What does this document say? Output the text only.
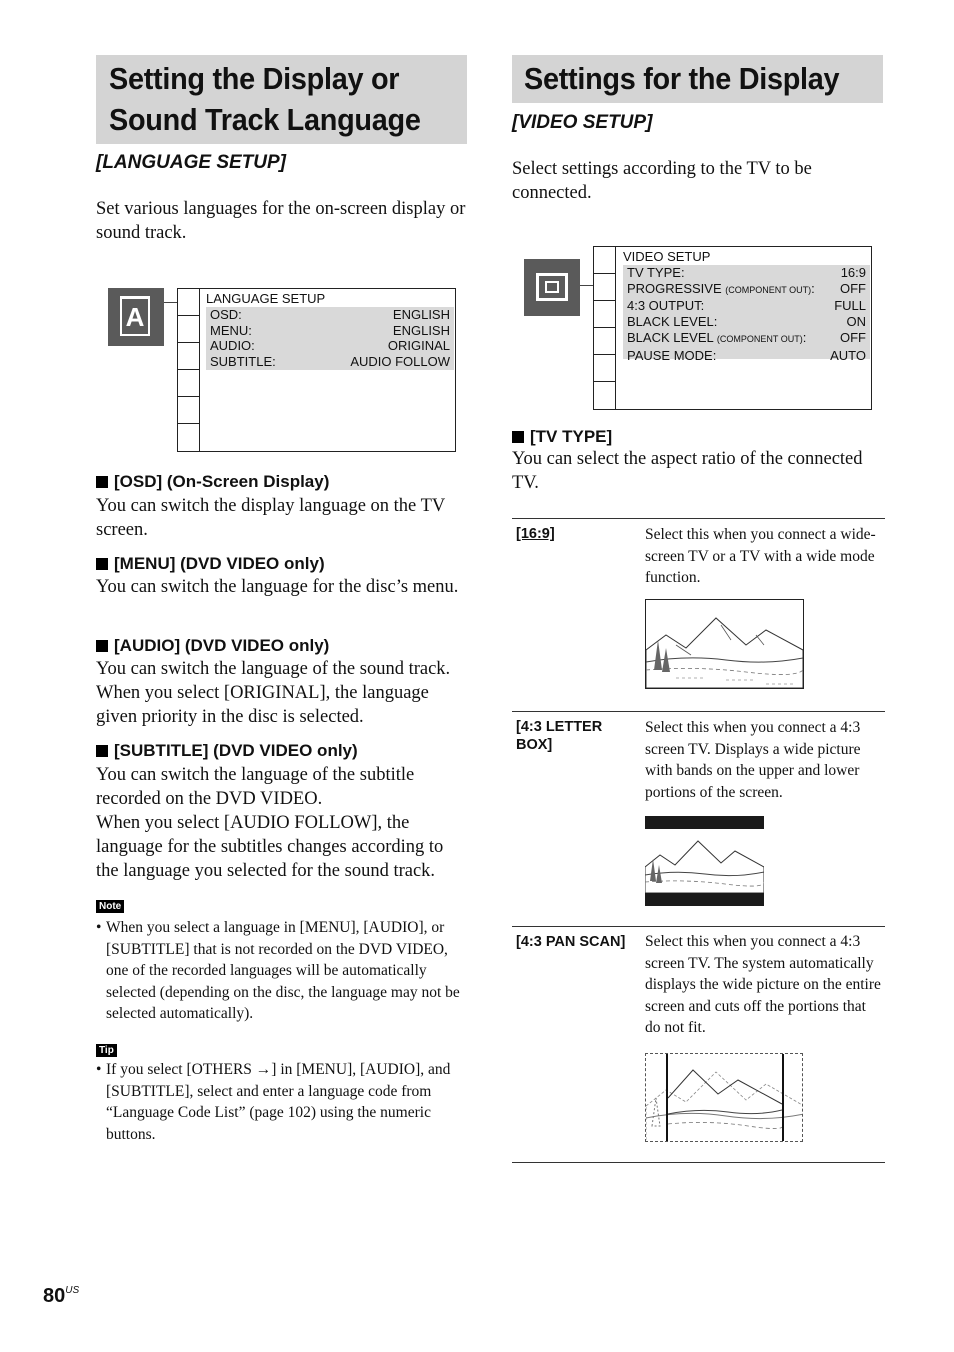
Setting the Display or
Sound Track Language
[LANGUAGE SETUP]
Set various languages for the on-screen display or sound track.
A
LANGUAGE SETUP
OSD:	ENGLISH
MENU:	ENGLISH
AUDIO:	ORIGINAL
SUBTITLE:	AUDIO FOLLOW
[OSD] (On-Screen Display)
You can switch the display language on the TV screen.
[MENU] (DVD VIDEO only)
You can switch the language for the disc’s menu.
[AUDIO] (DVD VIDEO only)
You can switch the language of the sound track. When you select [ORIGINAL], the language given priority in the disc is selected.
[SUBTITLE] (DVD VIDEO only)
You can switch the language of the subtitle recorded on the DVD VIDEO.
When you select [AUDIO FOLLOW], the language for the subtitles changes according to the language you selected for the sound track.
Note
• When you select a language in [MENU], [AUDIO], or [SUBTITLE] that is not recorded on the DVD VIDEO, one of the recorded languages will be automatically selected (depending on the disc, the language may not be selected automatically).
Tip
• If you select [OTHERS →] in [MENU], [AUDIO], and [SUBTITLE], select and enter a language code from “Language Code List” (page 102) using the numeric buttons.
Settings for the Display
[VIDEO SETUP]
Select settings according to the TV to be connected.
VIDEO SETUP
TV TYPE:	16:9
PROGRESSIVE (COMPONENT OUT): OFF
4:3 OUTPUT:	FULL
BLACK LEVEL:	ON
BLACK LEVEL (COMPONENT OUT):	OFF
PAUSE MODE:	AUTO
[TV TYPE]
You can select the aspect ratio of the connected TV.
[16:9]	Select this when you connect a wide-screen TV or a TV with a wide mode function.
[4:3 LETTER BOX]
Select this when you connect a 4:3 screen TV. Displays a wide picture with bands on the upper and lower portions of the screen.
[4:3 PAN SCAN] Select this when you connect a 4:3 screen TV. The system automatically displays the wide picture on the entire screen and cuts off the portions that do not fit.
$80^{US}$
